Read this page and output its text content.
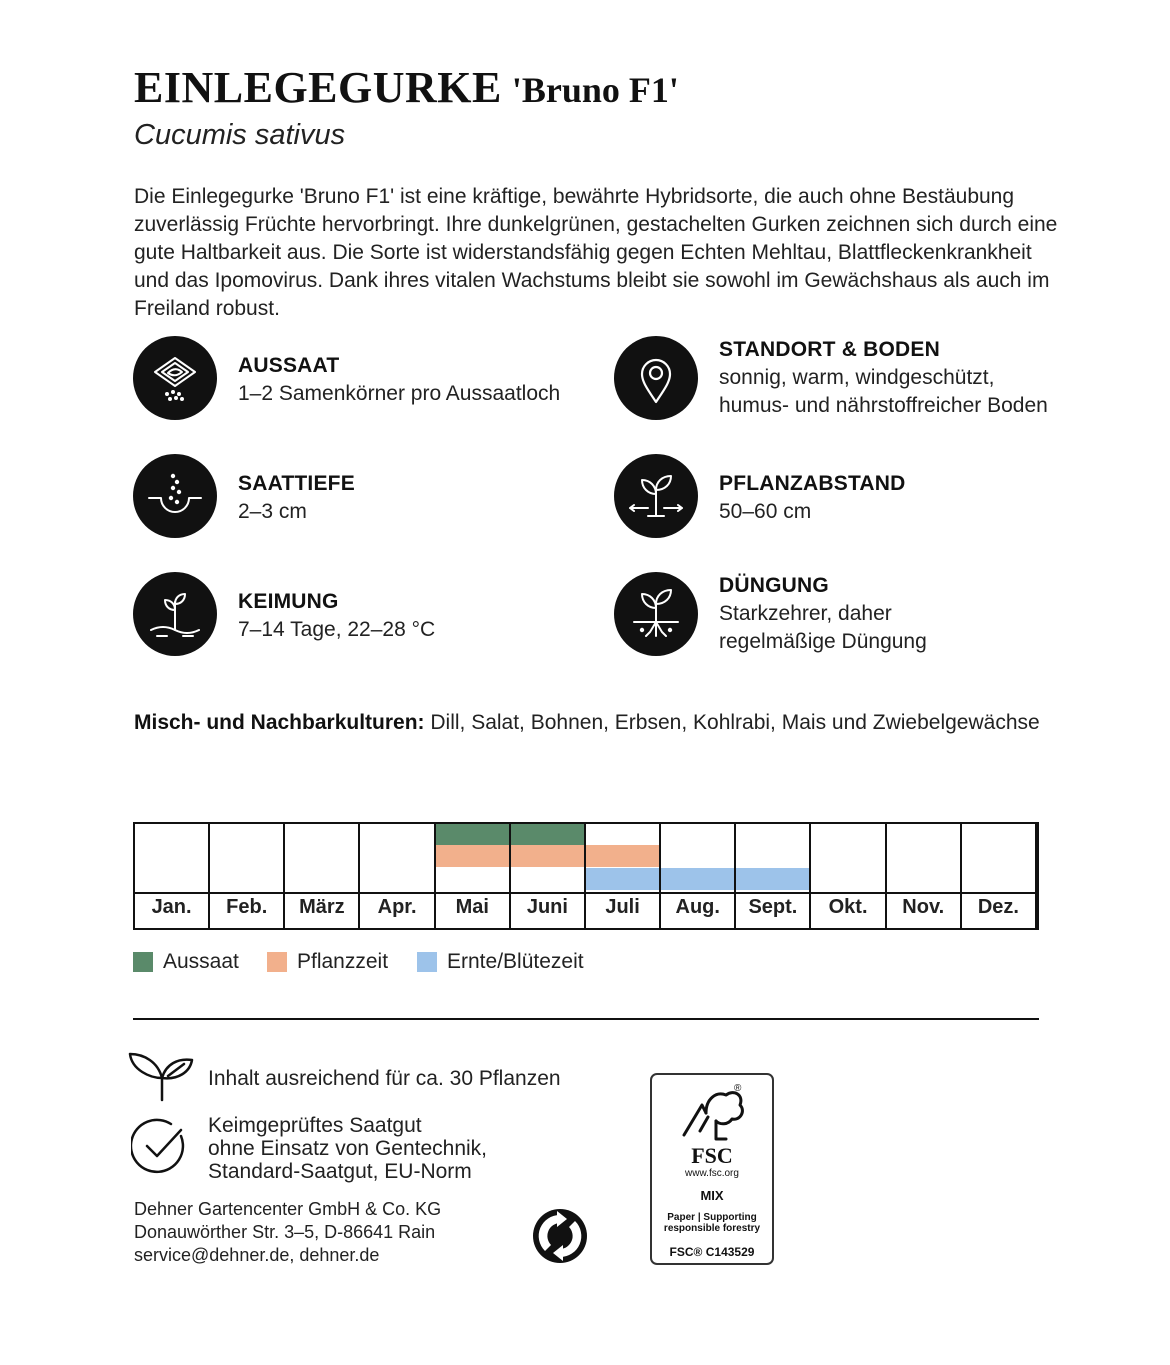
EINLEGEGURKE 'Bruno F1'
Cucumis sativus
Die Einlegegurke 'Bruno F1' ist eine kräftige, bewährte Hybridsorte, die auch ohne Bestäubung zuverlässig Früchte hervorbringt. Ihre dunkelgrünen, gestachelten Gurken zeichnen sich durch eine gute Haltbarkeit aus. Die Sorte ist widerstandsfähig gegen Echten Mehltau, Blattfleckenkrankheit und das Ipomovirus. Dank ihres vitalen Wachstums bleibt sie sowohl im Gewächshaus als auch im Freiland robust.
AUSSAAT
1–2 Samenkörner pro Aussaatloch
STANDORT & BODEN
sonnig, warm, windgeschützt,
humus- und nährstoffreicher Boden
SAATTIEFE
2–3 cm
PFLANZABSTAND
50–60 cm
KEIMUNG
7–14 Tage, 22–28 °C
DÜNGUNG
Starkzehrer, daher
regelmäßige Düngung
Misch- und Nachbarkulturen: Dill, Salat, Bohnen, Erbsen, Kohlrabi, Mais und Zwiebelgewächse
Jan.	Feb.	März	Apr.	Mai	Juni	Juli	Aug.	Sept.	Okt.	Nov.	Dez.
Aussaat	Pflanzzeit	Ernte/Blütezeit
Inhalt ausreichend für ca. 30 Pflanzen
Keimgeprüftes Saatgut
ohne Einsatz von Gentechnik,
Standard-Saatgut, EU-Norm
Dehner Gartencenter GmbH & Co. KG
Donauwörther Str. 3–5, D-86641 Rain
service@dehner.de, dehner.de
®
FSC
www.fsc.org
MIX
Paper | Supporting
responsible forestry
FSC® C143529
